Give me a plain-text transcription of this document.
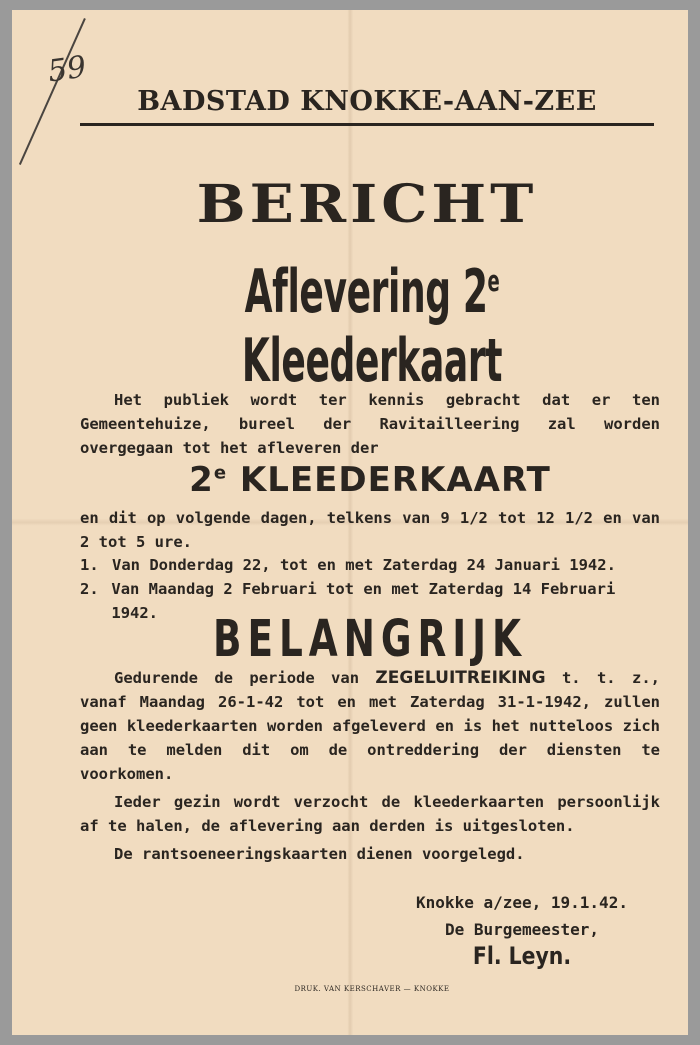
59
BADSTAD KNOKKE-AAN-ZEE
BERICHT
Aflevering 2e Kleederkaart
Het publiek wordt ter kennis gebracht dat er ten Gemeentehuize, bureel der Ravitailleering zal worden overgegaan tot het afleveren der
2e KLEEDERKAART
en dit op volgende dagen, telkens van 9 1/2 tot 12 1/2 en van 2 tot 5 ure.
1. Van Donderdag 22, tot en met Zaterdag 24 Januari 1942.
2. Van Maandag 2 Februari tot en met Zaterdag 14 Februari 1942.	BELANGRIJK
Gedurende de periode van ZEGELUITREIKING t. t. z., vanaf Maandag 26-1-42 tot en met Zaterdag 31-1-1942, zullen geen kleederkaarten worden afgeleverd en is het nutteloos zich aan te melden dit om de ontreddering der diensten te voorkomen.
Ieder gezin wordt verzocht de kleederkaarten persoonlijk af te halen, de aflevering aan derden is uitgesloten.
De rantsoeneeringskaarten dienen voorgelegd.
Knokke a/zee, 19.1.42.
De Burgemeester,
Fl. Leyn.
DRUK. VAN KERSCHAVER — KNOKKE
